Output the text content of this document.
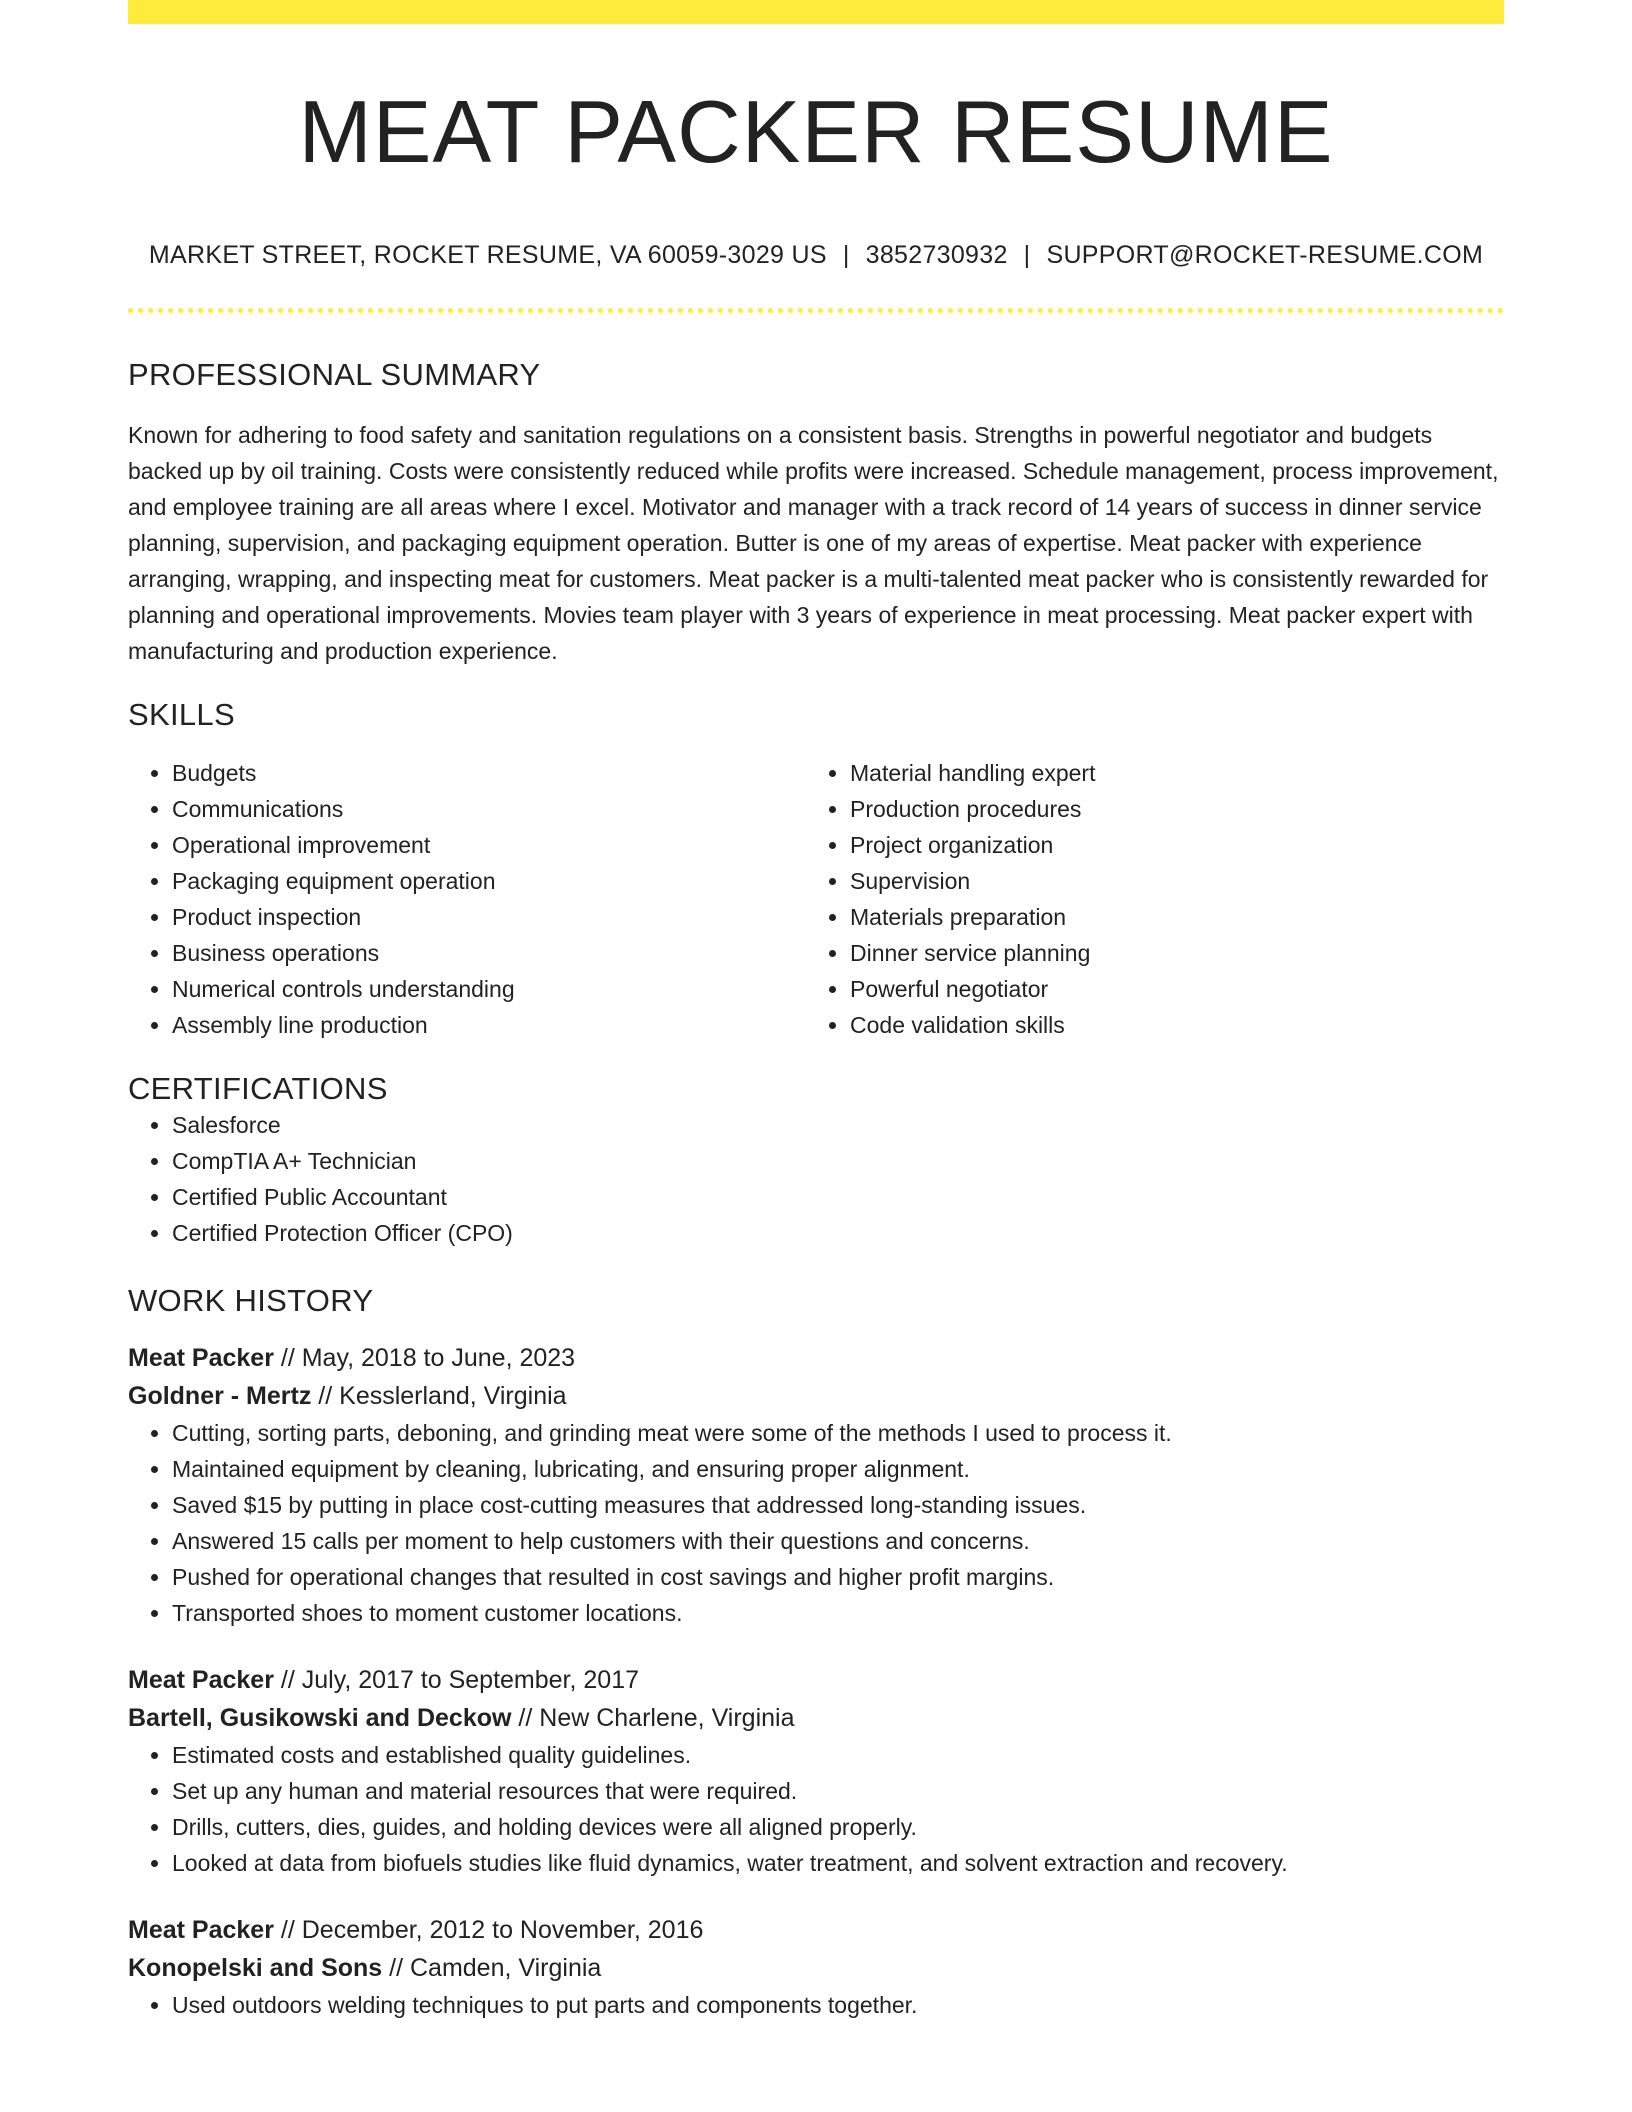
MEAT PACKER RESUME
MARKET STREET, ROCKET RESUME, VA 60059-3029 US | 3852730932 | SUPPORT@ROCKET-RESUME.COM
PROFESSIONAL SUMMARY

Known for adhering to food safety and sanitation regulations on a consistent basis. Strengths in powerful negotiator and budgets backed up by oil training. Costs were consistently reduced while profits were increased. Schedule management, process improvement, and employee training are all areas where I excel. Motivator and manager with a track record of 14 years of success in dinner service planning, supervision, and packaging equipment operation. Butter is one of my areas of expertise. Meat packer with experience arranging, wrapping, and inspecting meat for customers. Meat packer is a multi-talented meat packer who is consistently rewarded for planning and operational improvements. Movies team player with 3 years of experience in meat processing. Meat packer expert with manufacturing and production experience.

SKILLS
• Budgets
• Communications
• Operational improvement
• Packaging equipment operation
• Product inspection
• Business operations
• Numerical controls understanding
• Assembly line production
• Material handling expert
• Production procedures
• Project organization
• Supervision
• Materials preparation
• Dinner service planning
• Powerful negotiator
• Code validation skills
CERTIFICATIONS
• Salesforce
• CompTIA A+ Technician
• Certified Public Accountant
• Certified Protection Officer (CPO)
WORK HISTORY
Meat Packer // May, 2018 to June, 2023
Goldner - Mertz // Kesslerland, Virginia
• Cutting, sorting parts, deboning, and grinding meat were some of the methods I used to process it.
• Maintained equipment by cleaning, lubricating, and ensuring proper alignment.
• Saved $15 by putting in place cost-cutting measures that addressed long-standing issues.
• Answered 15 calls per moment to help customers with their questions and concerns.
• Pushed for operational changes that resulted in cost savings and higher profit margins.
• Transported shoes to moment customer locations.
Meat Packer // July, 2017 to September, 2017
Bartell, Gusikowski and Deckow // New Charlene, Virginia
• Estimated costs and established quality guidelines.
• Set up any human and material resources that were required.
• Drills, cutters, dies, guides, and holding devices were all aligned properly.
• Looked at data from biofuels studies like fluid dynamics, water treatment, and solvent extraction and recovery.
Meat Packer // December, 2012 to November, 2016
Konopelski and Sons // Camden, Virginia
• Used outdoors welding techniques to put parts and components together.
